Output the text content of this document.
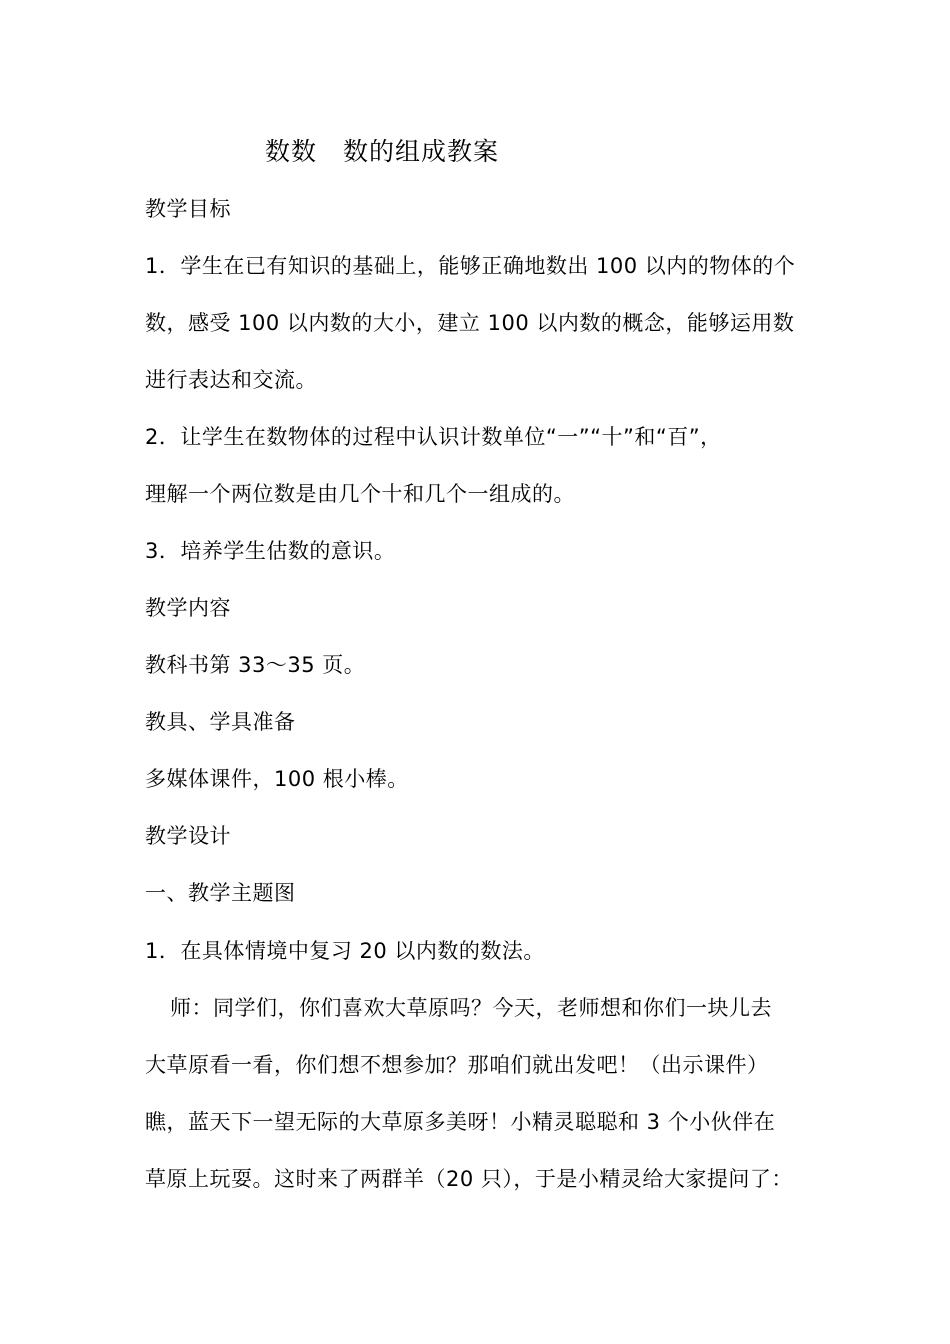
数数　数的组成教案
教学目标
1．学生在已有知识的基础上，能够正确地数出 100 以内的物体的个
数，感受 100 以内数的大小，建立 100 以内数的概念，能够运用数
进行表达和交流。
2．让学生在数物体的过程中认识计数单位“一”“十”和“百”，
理解一个两位数是由几个十和几个一组成的。
3．培养学生估数的意识。
教学内容
教科书第 33～35 页。
教具、学具准备
多媒体课件，100 根小棒。
教学设计
一、教学主题图
1．在具体情境中复习 20 以内数的数法。
师：同学们，你们喜欢大草原吗？今天，老师想和你们一块儿去
大草原看一看，你们想不想参加？那咱们就出发吧！（出示课件）
瞧，蓝天下一望无际的大草原多美呀！小精灵聪聪和 3 个小伙伴在
草原上玩耍。这时来了两群羊（20 只），于是小精灵给大家提问了：
